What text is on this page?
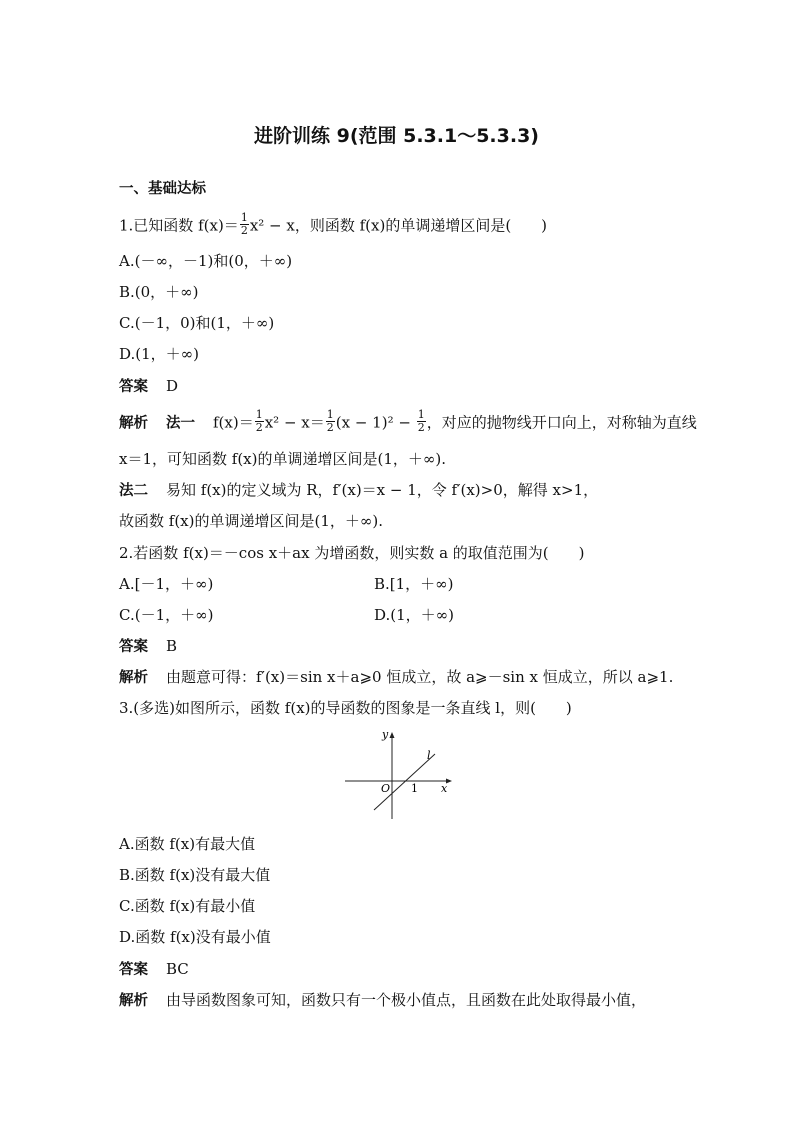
进阶训练 9(范围 5.3.1～5.3.3)
一、基础达标
1.已知函数 $f(x)= \frac{1}{2} x^2 - x$，则函数 f(x)的单调递增区间是(　　)
A.(－∞，－1)和(0，＋∞)
B.(0，＋∞)
C.(－1，0)和(1，＋∞)
D.(1，＋∞)
答案 D
解析 法一 $f(x)= \frac{1}{2} x^2 - x= \frac{1}{2} (x - 1)^2 - \frac{1}{2}$ ，对应的抛物线开口向上，对称轴为直线
x＝1，可知函数 f(x)的单调递增区间是(1，＋∞).
法二 易知 f(x)的定义域为 R，f′(x)＝x − 1，令 f′(x)>0，解得 x>1，
故函数 f(x)的单调递增区间是(1，＋∞).
2.若函数 f(x)＝－cos x＋ax 为增函数，则实数 a 的取值范围为(　　)
A.[－1，＋∞)	B.[1，＋∞)
C.(－1，＋∞)	D.(1，＋∞)
答案 B
解析 由题意可得：f′(x)＝sin x＋a⩾0 恒成立，故 a⩾－sin x 恒成立，所以 a⩾1.
3.(多选)如图所示，函数 f(x)的导函数的图象是一条直线 l，则(　　)
y
x
O 1
l
A.函数 f(x)有最大值
B.函数 f(x)没有最大值
C.函数 f(x)有最小值
D.函数 f(x)没有最小值
答案 BC
解析 由导函数图象可知，函数只有一个极小值点，且函数在此处取得最小值，
